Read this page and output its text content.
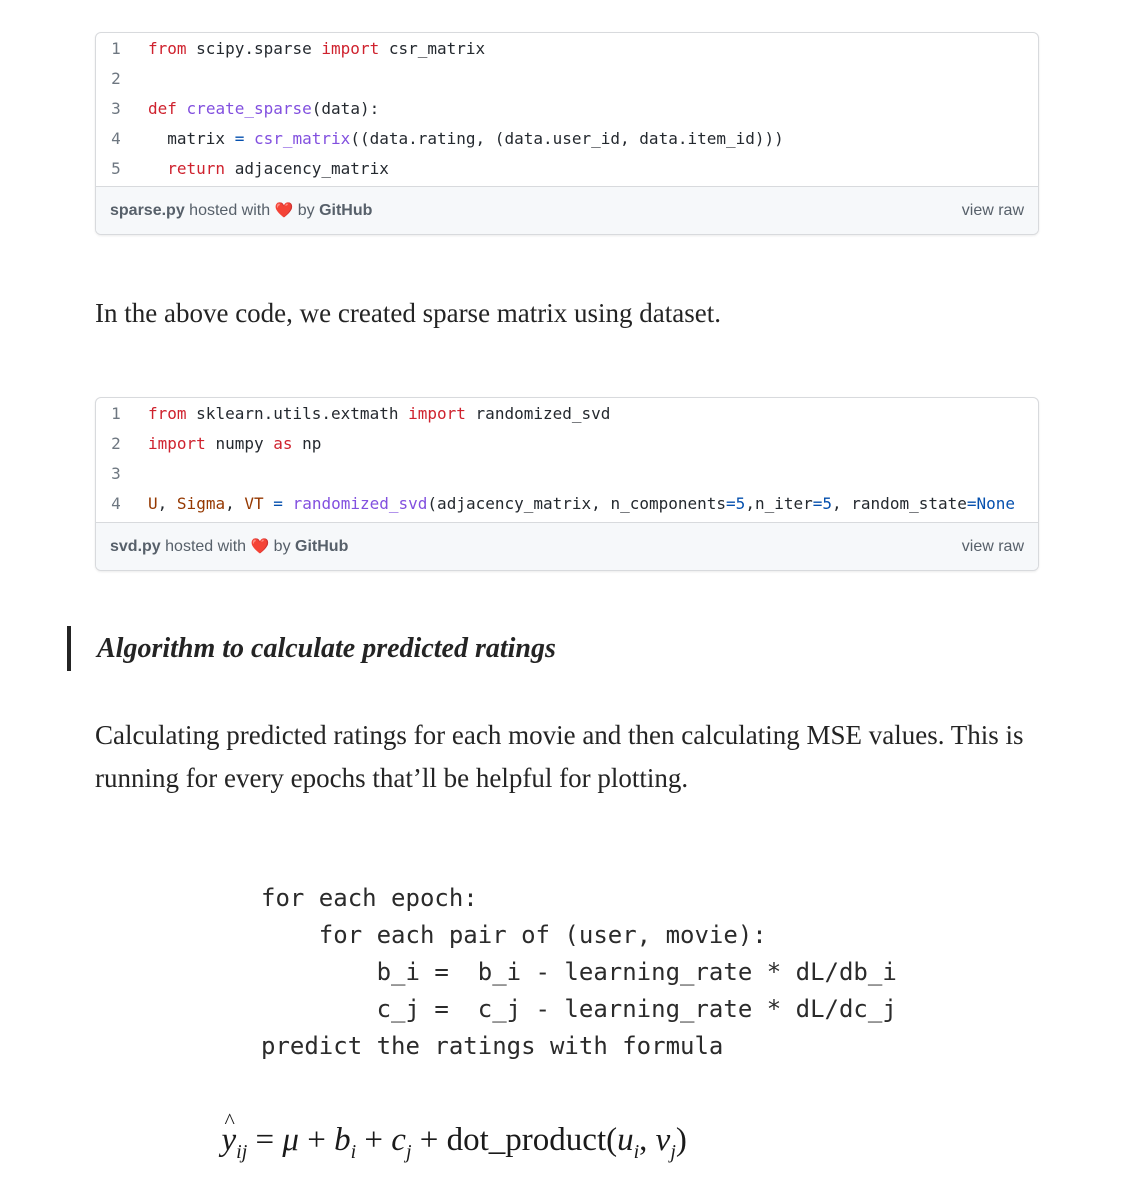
1	from scipy.sparse import csr_matrix
2
3	def create_sparse(data):
4	matrix = csr_matrix((data.rating, (data.user_id, data.item_id)))
5	return adjacency_matrix
sparse.py hosted with ❤️ by GitHub	view raw
In the above code, we created sparse matrix using dataset.
1	from sklearn.utils.extmath import randomized_svd
2	import numpy as np
3
4	U, Sigma, VT = randomized_svd(adjacency_matrix, n_components=5,n_iter=5, random_state=None
svd.py hosted with ❤️ by GitHub	view raw
Algorithm to calculate predicted ratings
Calculating predicted ratings for each movie and then calculating MSE values. This is running for every epochs that’ll be helpful for plotting.
for each epoch:
for each pair of (user, movie):
b_i =  b_i - learning_rate * dL/db_i
c_j =  c_j - learning_rate * dL/dc_j
predict the ratings with formula

^ $y_{ij} = \mu + b_i + c_j$ + $dot\_product(u_i$, $v_j$)
